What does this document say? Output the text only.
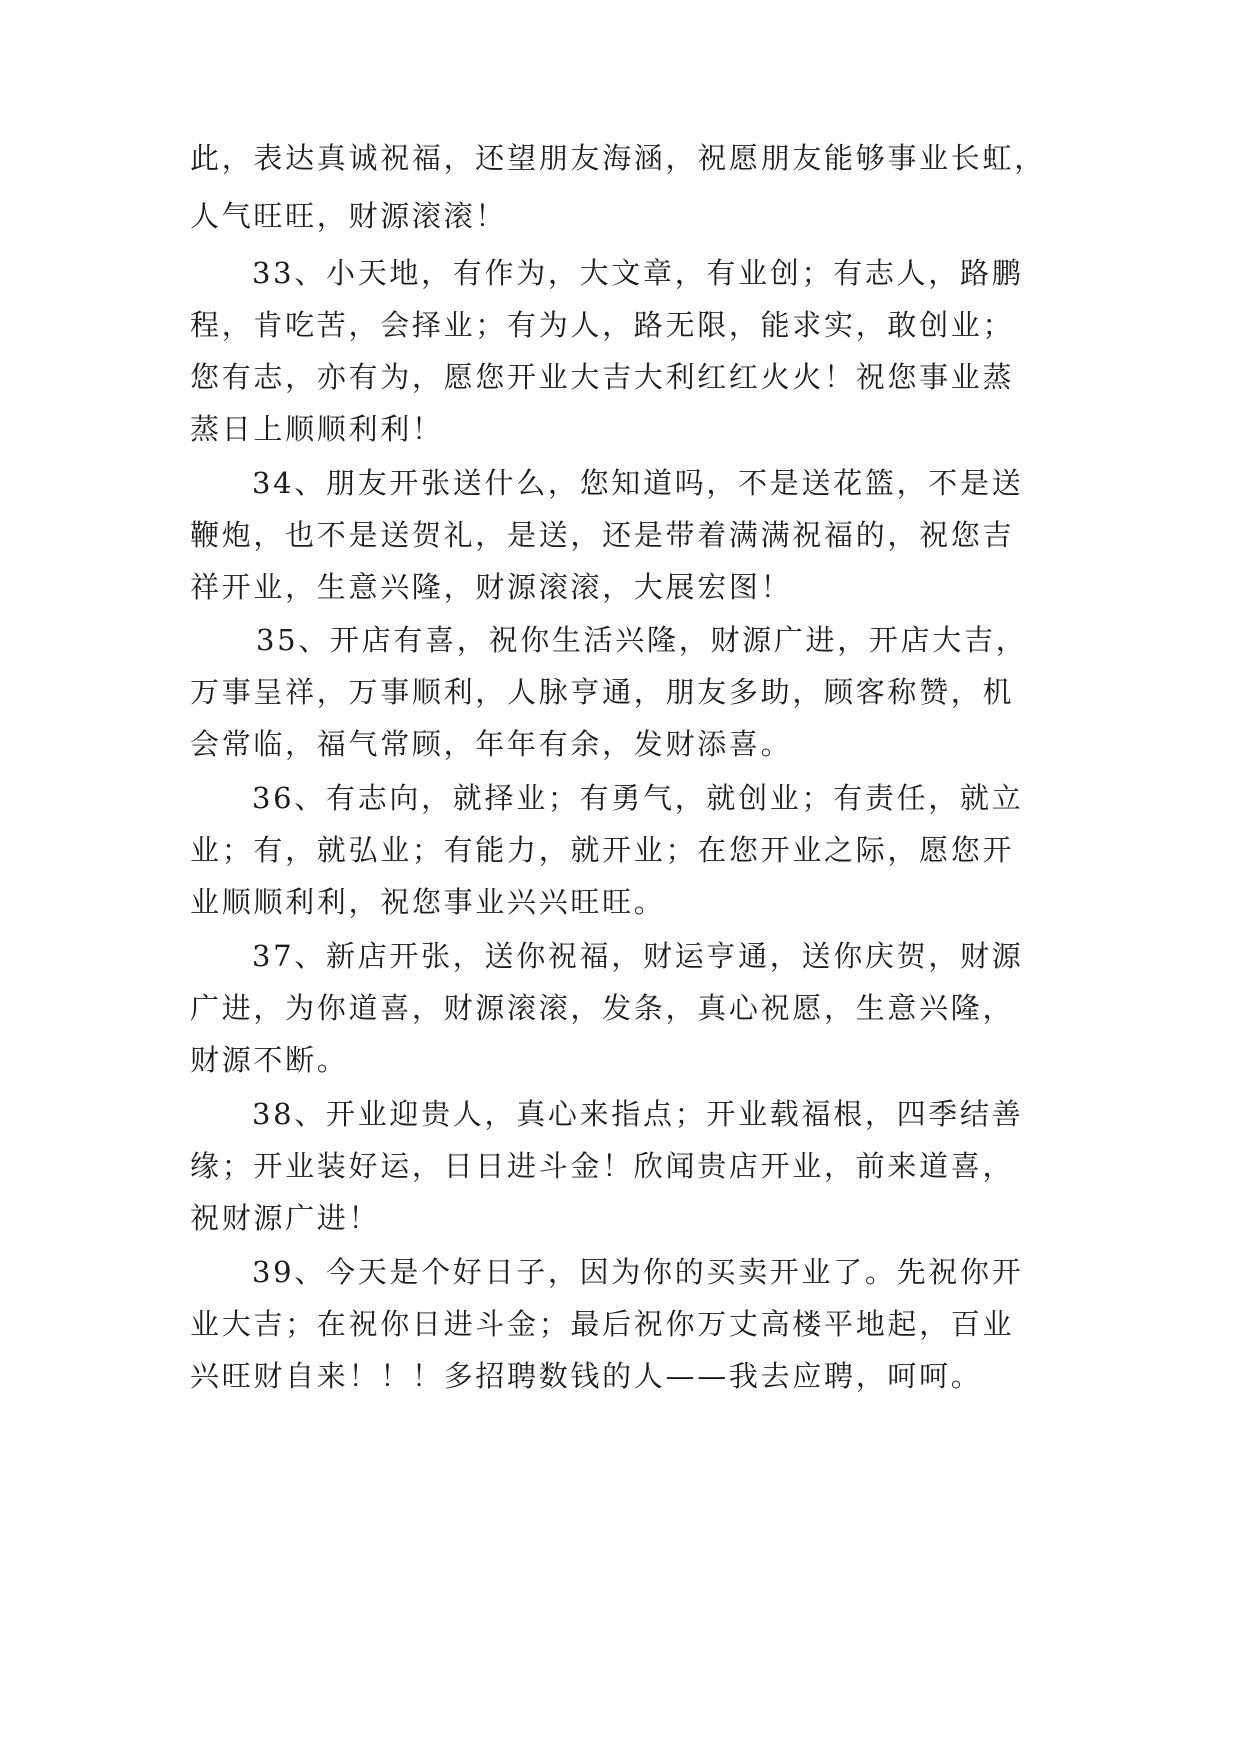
此，表达真诚祝福，还望朋友海涵，祝愿朋友能够事业长虹，

人气旺旺，财源滚滚！

33、小天地，有作为，大文章，有业创；有志人，路鹏

程，肯吃苦，会择业；有为人，路无限，能求实，敢创业；

您有志，亦有为，愿您开业大吉大利红红火火！祝您事业蒸

蒸日上顺顺利利！

34、朋友开张送什么，您知道吗，不是送花篮，不是送

鞭炮，也不是送贺礼，是送，还是带着满满祝福的，祝您吉

祥开业，生意兴隆，财源滚滚，大展宏图！

35、开店有喜，祝你生活兴隆，财源广进，开店大吉，

万事呈祥，万事顺利，人脉亨通，朋友多助，顾客称赞，机

会常临，福气常顾，年年有余，发财添喜。

36、有志向，就择业；有勇气，就创业；有责任，就立

业；有，就弘业；有能力，就开业；在您开业之际，愿您开

业顺顺利利，祝您事业兴兴旺旺。

37、新店开张，送你祝福，财运亨通，送你庆贺，财源

广进，为你道喜，财源滚滚，发条，真心祝愿，生意兴隆，

财源不断。

38、开业迎贵人，真心来指点；开业载福根，四季结善

缘；开业装好运，日日进斗金！欣闻贵店开业，前来道喜，

祝财源广进！

39、今天是个好日子，因为你的买卖开业了。先祝你开

业大吉；在祝你日进斗金；最后祝你万丈高楼平地起，百业

兴旺财自来！！！多招聘数钱的人——我去应聘，呵呵。
